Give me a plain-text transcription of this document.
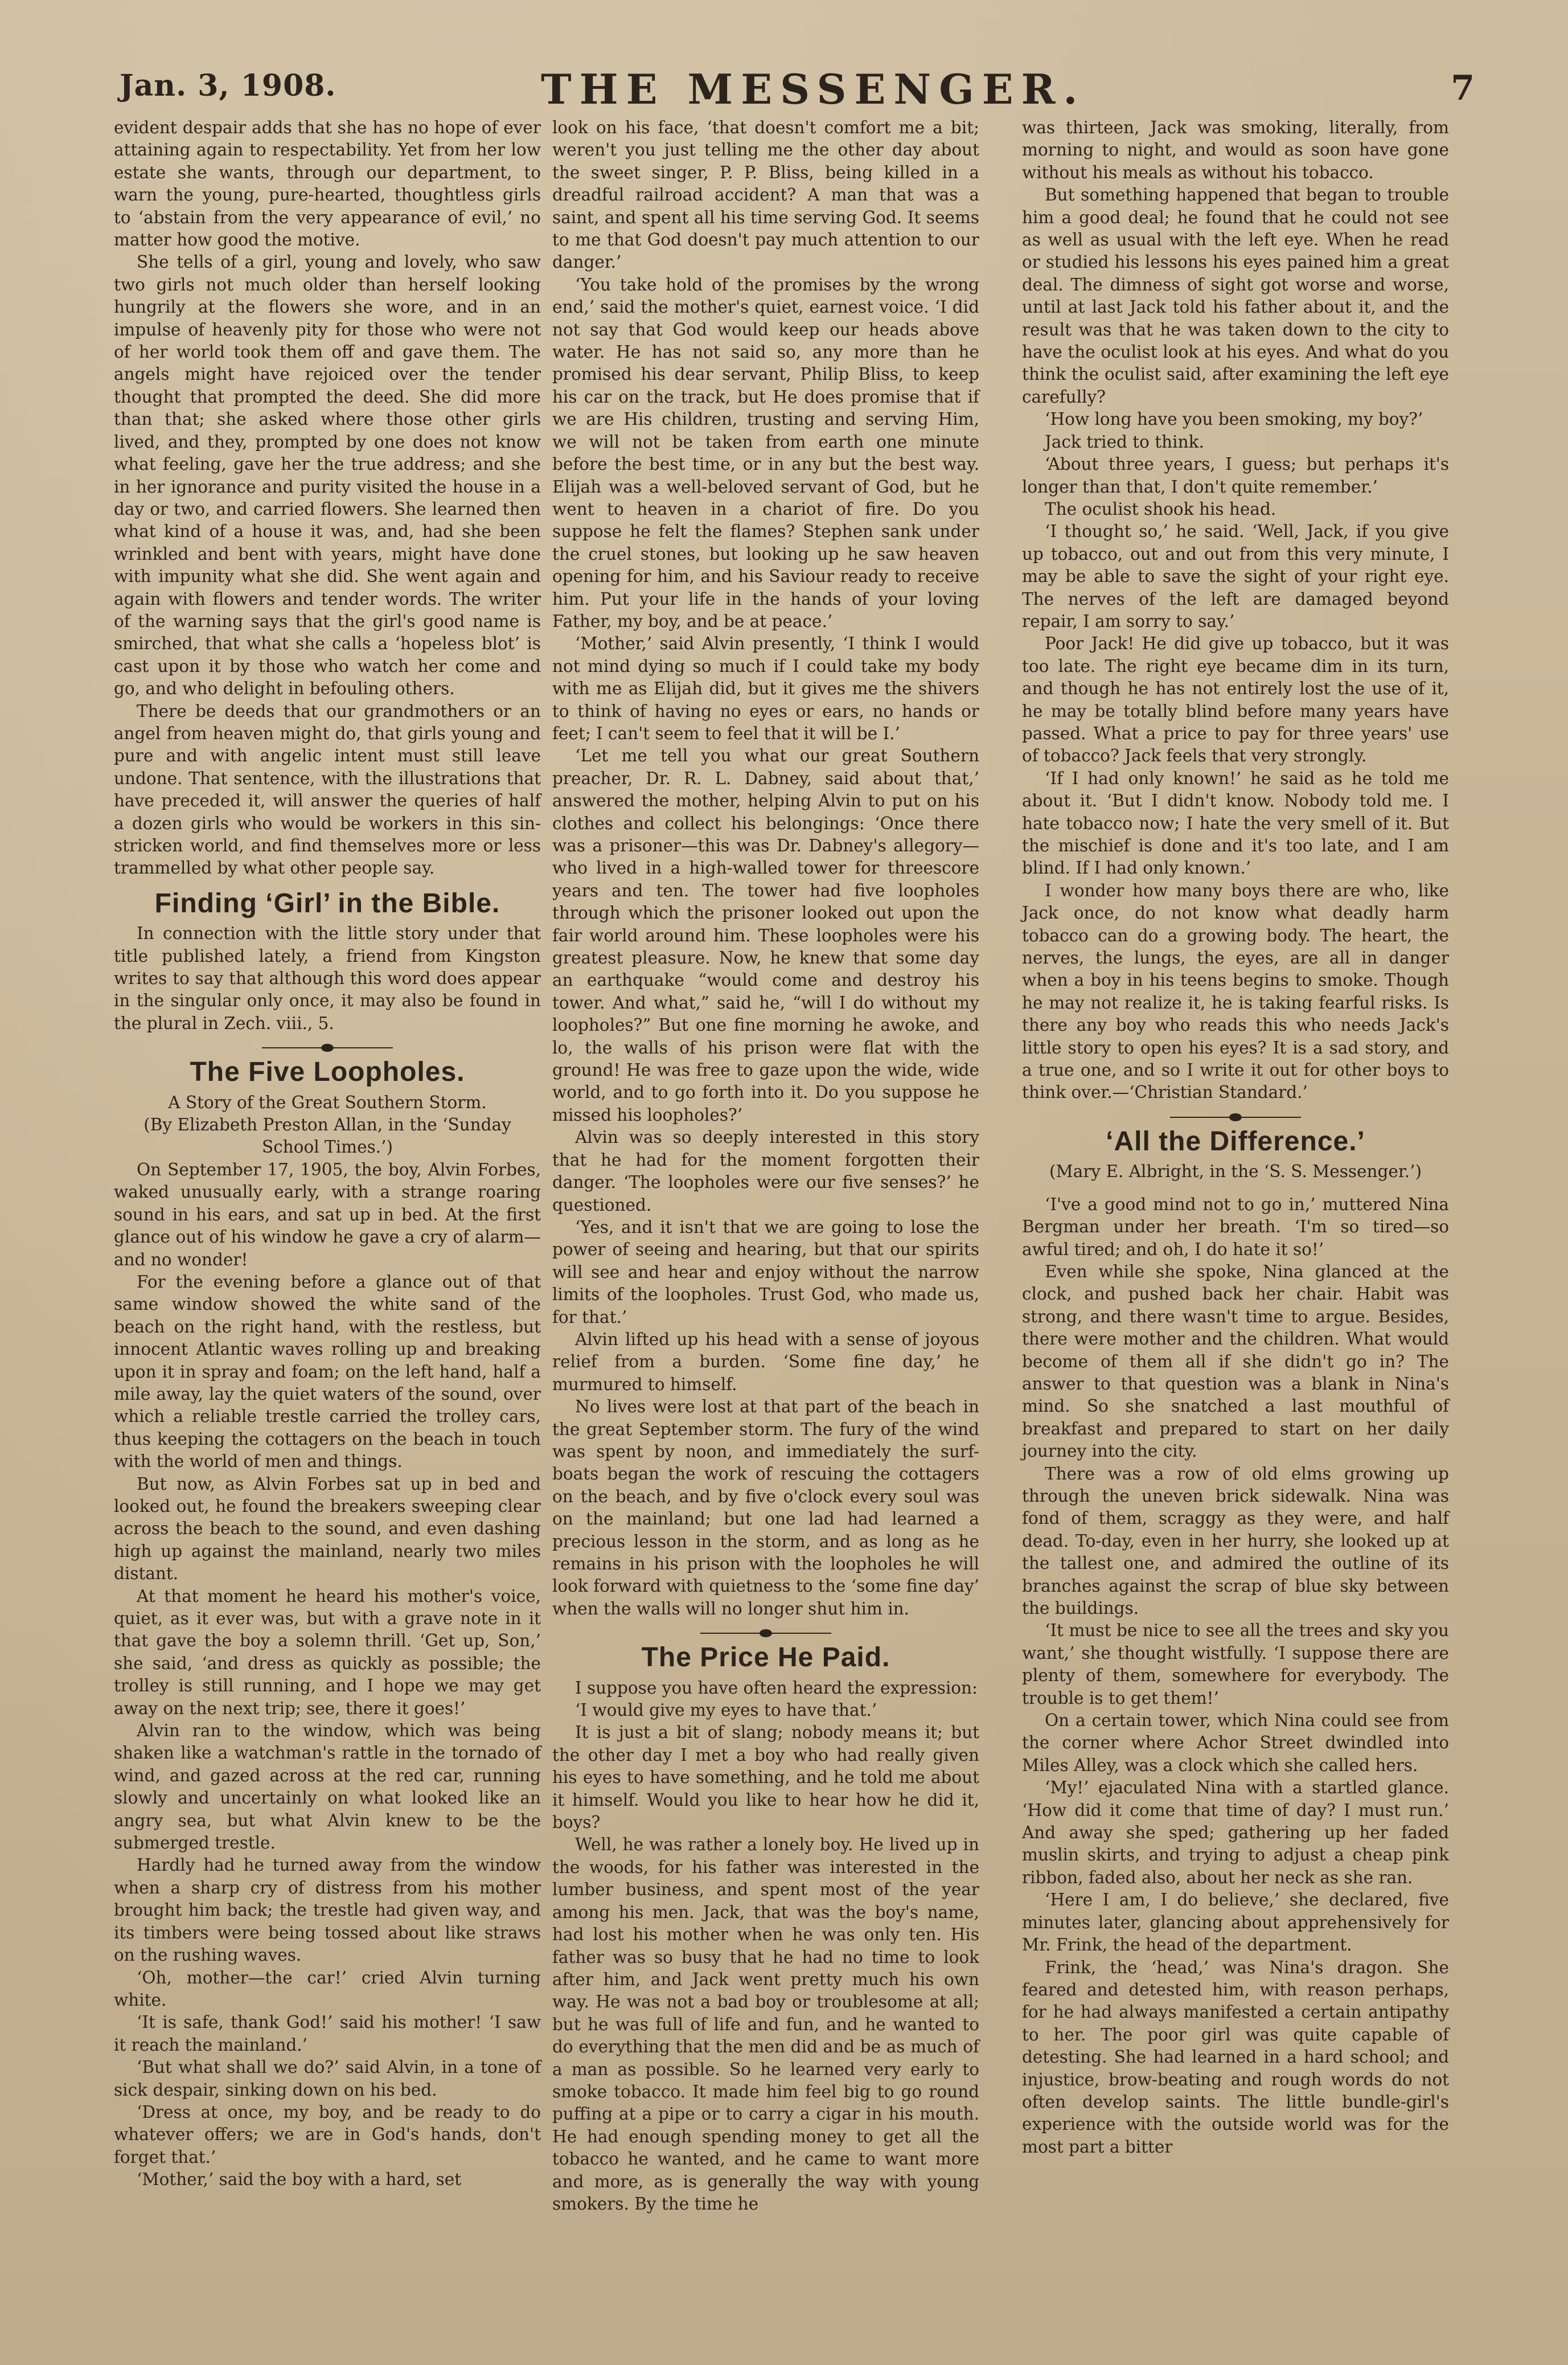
Jan. 3, 1908.	THE MESSENGER.	7

evident despair adds that she has no hope of ever attaining again to respectability. Yet from her low estate she wants, through our department, to warn the young, pure-hearted, thoughtless girls to ‘abstain from the very appearance of evil,’ no matter how good the motive.

She tells of a girl, young and lovely, who saw two girls not much older than herself looking hungrily at the flowers she wore, and in an impulse of heavenly pity for those who were not of her world took them off and gave them. The angels might have rejoiced over the tender thought that prompted the deed. She did more than that; she asked where those other girls lived, and they, prompted by one does not know what feeling, gave her the true address; and she in her ignorance and purity visited the house in a day or two, and carried flowers. She learned then what kind of a house it was, and, had she been wrinkled and bent with years, might have done with impunity what she did. She went again and again with flowers and tender words. The writer of the warning says that the girl's good name is smirched, that what she calls a ‘hopeless blot’ is cast upon it by those who watch her come and go, and who delight in befouling others.

There be deeds that our grandmothers or an angel from heaven might do, that girls young and pure and with angelic intent must still leave undone. That sentence, with the illustrations that have preceded it, will answer the queries of half a dozen girls who would be workers in this sin-stricken world, and find themselves more or less trammelled by what other people say.

Finding ‘Girl’ in the Bible.

In connection with the little story under that title published lately, a friend from Kingston writes to say that although this word does appear in the singular only once, it may also be found in the plural in Zech. viii., 5.

The Five Loopholes.

A Story of the Great Southern Storm.

(By Elizabeth Preston Allan, in the ‘Sunday School Times.’)

On September 17, 1905, the boy, Alvin Forbes, waked unusually early, with a strange roaring sound in his ears, and sat up in bed. At the first glance out of his window he gave a cry of alarm—and no wonder!

For the evening before a glance out of that same window showed the white sand of the beach on the right hand, with the restless, but innocent Atlantic waves rolling up and breaking upon it in spray and foam; on the left hand, half a mile away, lay the quiet waters of the sound, over which a reliable trestle carried the trolley cars, thus keeping the cottagers on the beach in touch with the world of men and things.

But now, as Alvin Forbes sat up in bed and looked out, he found the breakers sweeping clear across the beach to the sound, and even dashing high up against the mainland, nearly two miles distant.

At that moment he heard his mother's voice, quiet, as it ever was, but with a grave note in it that gave the boy a solemn thrill. ‘Get up, Son,’ she said, ‘and dress as quickly as possible; the trolley is still running, and I hope we may get away on the next trip; see, there it goes!’

Alvin ran to the window, which was being shaken like a watchman's rattle in the tornado of wind, and gazed across at the red car, running slowly and uncertainly on what looked like an angry sea, but what Alvin knew to be the submerged trestle.

Hardly had he turned away from the window when a sharp cry of distress from his mother brought him back; the trestle had given way, and its timbers were being tossed about like straws on the rushing waves.

‘Oh, mother—the car!’ cried Alvin turning white.

‘It is safe, thank God!’ said his mother! ‘I saw it reach the mainland.’

‘But what shall we do?’ said Alvin, in a tone of sick despair, sinking down on his bed.

‘Dress at once, my boy, and be ready to do whatever offers; we are in God's hands, don't forget that.’

‘Mother,’ said the boy with a hard, set

look on his face, ‘that doesn't comfort me a bit; weren't you just telling me the other day about the sweet singer, P. P. Bliss, being killed in a dreadful railroad accident? A man that was a saint, and spent all his time serving God. It seems to me that God doesn't pay much attention to our danger.’

‘You take hold of the promises by the wrong end,’ said the mother's quiet, earnest voice. ‘I did not say that God would keep our heads above water. He has not said so, any more than he promised his dear servant, Philip Bliss, to keep his car on the track, but He does promise that if we are His children, trusting and serving Him, we will not be taken from earth one minute before the best time, or in any but the best way. Elijah was a well-beloved servant of God, but he went to heaven in a chariot of fire. Do you suppose he felt the flames? Stephen sank under the cruel stones, but looking up he saw heaven opening for him, and his Saviour ready to receive him. Put your life in the hands of your loving Father, my boy, and be at peace.’

‘Mother,’ said Alvin presently, ‘I think I would not mind dying so much if I could take my body with me as Elijah did, but it gives me the shivers to think of having no eyes or ears, no hands or feet; I can't seem to feel that it will be I.’

‘Let me tell you what our great Southern preacher, Dr. R. L. Dabney, said about that,’ answered the mother, helping Alvin to put on his clothes and collect his belongings: ‘Once there was a prisoner—this was Dr. Dabney's allegory—who lived in a high-walled tower for threescore years and ten. The tower had five loopholes through which the prisoner looked out upon the fair world around him. These loopholes were his greatest pleasure. Now, he knew that some day an earthquake “would come and destroy his tower. And what,” said he, “will I do without my loopholes?” But one fine morning he awoke, and lo, the walls of his prison were flat with the ground! He was free to gaze upon the wide, wide world, and to go forth into it. Do you suppose he missed his loopholes?’

Alvin was so deeply interested in this story that he had for the moment forgotten their danger. ‘The loopholes were our five senses?’ he questioned.

‘Yes, and it isn't that we are going to lose the power of seeing and hearing, but that our spirits will see and hear and enjoy without the narrow limits of the loopholes. Trust God, who made us, for that.’

Alvin lifted up his head with a sense of joyous relief from a burden. ‘Some fine day,’ he murmured to himself.

No lives were lost at that part of the beach in the great September storm. The fury of the wind was spent by noon, and immediately the surf-boats began the work of rescuing the cottagers on the beach, and by five o'clock every soul was on the mainland; but one lad had learned a precious lesson in the storm, and as long as he remains in his prison with the loopholes he will look forward with quietness to the ‘some fine day’ when the walls will no longer shut him in.

The Price He Paid.

I suppose you have often heard the expression:

‘I would give my eyes to have that.’

It is just a bit of slang; nobody means it; but the other day I met a boy who had really given his eyes to have something, and he told me about it himself. Would you like to hear how he did it, boys?

Well, he was rather a lonely boy. He lived up in the woods, for his father was interested in the lumber business, and spent most of the year among his men. Jack, that was the boy's name, had lost his mother when he was only ten. His father was so busy that he had no time to look after him, and Jack went pretty much his own way. He was not a bad boy or troublesome at all; but he was full of life and fun, and he wanted to do everything that the men did and be as much of a man as possible. So he learned very early to smoke tobacco. It made him feel big to go round puffing at a pipe or to carry a cigar in his mouth. He had enough spending money to get all the tobacco he wanted, and he came to want more and more, as is generally the way with young smokers. By the time he

was thirteen, Jack was smoking, literally, from morning to night, and would as soon have gone without his meals as without his tobacco.

But something happened that began to trouble him a good deal; he found that he could not see as well as usual with the left eye. When he read or studied his lessons his eyes pained him a great deal. The dimness of sight got worse and worse, until at last Jack told his father about it, and the result was that he was taken down to the city to have the oculist look at his eyes. And what do you think the oculist said, after examining the left eye carefully?

‘How long have you been smoking, my boy?’

Jack tried to think.

‘About three years, I guess; but perhaps it's longer than that, I don't quite remember.’

The oculist shook his head.

‘I thought so,’ he said. ‘Well, Jack, if you give up tobacco, out and out from this very minute, I may be able to save the sight of your right eye. The nerves of the left are damaged beyond repair, I am sorry to say.’

Poor Jack! He did give up tobacco, but it was too late. The right eye became dim in its turn, and though he has not entirely lost the use of it, he may be totally blind before many years have passed. What a price to pay for three years' use of tobacco? Jack feels that very strongly.

‘If I had only known!’ he said as he told me about it. ‘But I didn't know. Nobody told me. I hate tobacco now; I hate the very smell of it. But the mischief is done and it's too late, and I am blind. If I had only known.’

I wonder how many boys there are who, like Jack once, do not know what deadly harm tobacco can do a growing body. The heart, the nerves, the lungs, the eyes, are all in danger when a boy in his teens begins to smoke. Though he may not realize it, he is taking fearful risks. Is there any boy who reads this who needs Jack's little story to open his eyes? It is a sad story, and a true one, and so I write it out for other boys to think over.—‘Christian Standard.’

‘All the Difference.’

(Mary E. Albright, in the ‘S. S. Messenger.’)

‘I've a good mind not to go in,’ muttered Nina Bergman under her breath. ‘I'm so tired—so awful tired; and oh, I do hate it so!’

Even while she spoke, Nina glanced at the clock, and pushed back her chair. Habit was strong, and there wasn't time to argue. Besides, there were mother and the children. What would become of them all if she didn't go in? The answer to that question was a blank in Nina's mind. So she snatched a last mouthful of breakfast and prepared to start on her daily journey into the city.

There was a row of old elms growing up through the uneven brick sidewalk. Nina was fond of them, scraggy as they were, and half dead. To-day, even in her hurry, she looked up at the tallest one, and admired the outline of its branches against the scrap of blue sky between the buildings.

‘It must be nice to see all the trees and sky you want,’ she thought wistfully. ‘I suppose there are plenty of them, somewhere for everybody. The trouble is to get them!’

On a certain tower, which Nina could see from the corner where Achor Street dwindled into Miles Alley, was a clock which she called hers.

‘My!’ ejaculated Nina with a startled glance. ‘How did it come that time of day? I must run.’ And away she sped; gathering up her faded muslin skirts, and trying to adjust a cheap pink ribbon, faded also, about her neck as she ran.

‘Here I am, I do believe,’ she declared, five minutes later, glancing about apprehensively for Mr. Frink, the head of the department.

Frink, the ‘head,’ was Nina's dragon. She feared and detested him, with reason perhaps, for he had always manifested a certain antipathy to her. The poor girl was quite capable of detesting. She had learned in a hard school; and injustice, brow-beating and rough words do not often develop saints. The little bundle-girl's experience with the outside world was for the most part a bitter
